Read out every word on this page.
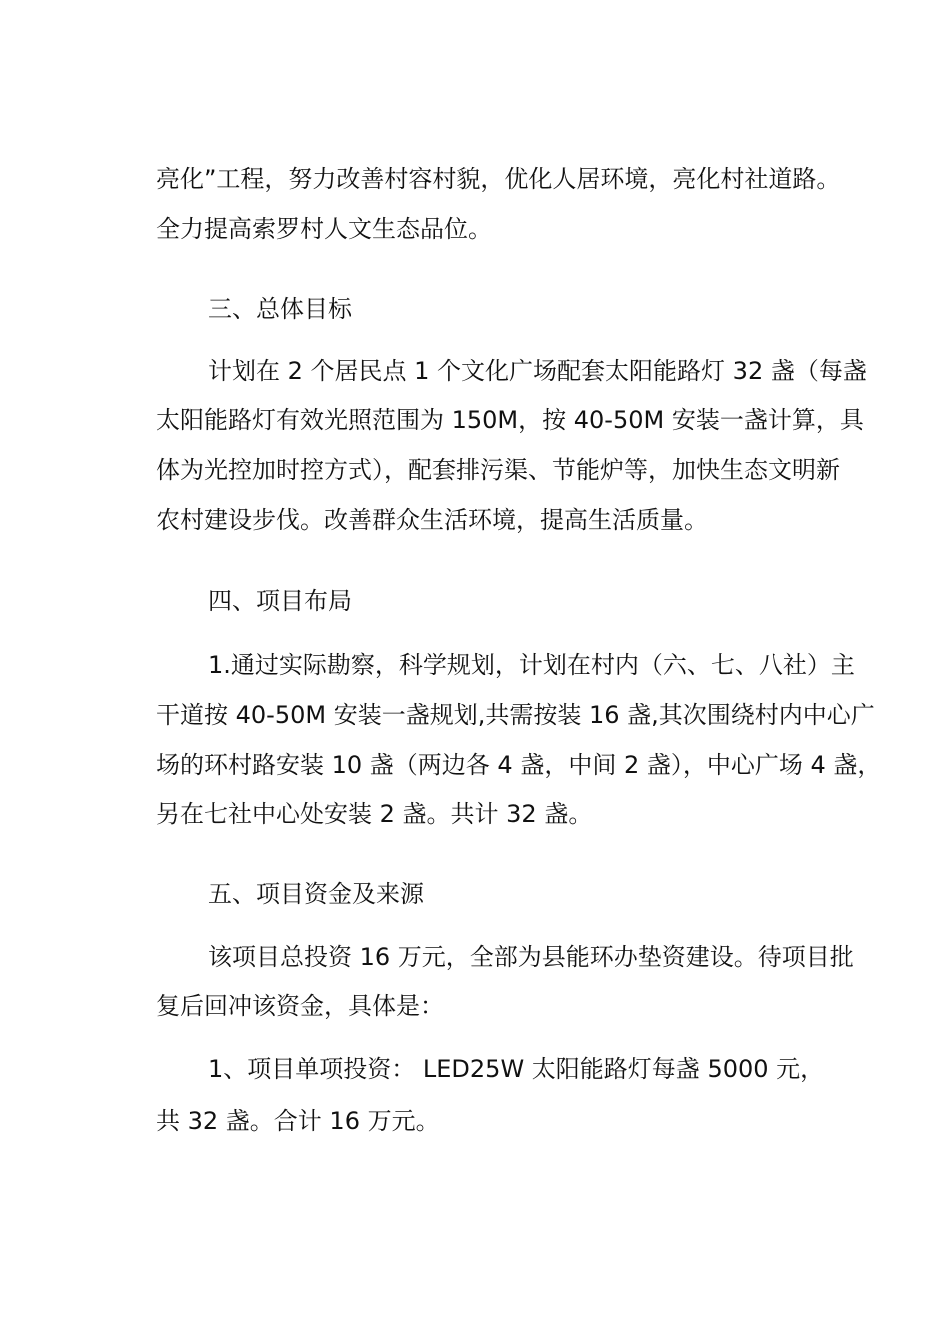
亮化”工程，努力改善村容村貌，优化人居环境，亮化村社道路。
全力提高索罗村人文生态品位。
三、总体目标
计划在 2 个居民点 1 个文化广场配套太阳能路灯 32 盏（每盏
太阳能路灯有效光照范围为 150M，按 40-50M 安装一盏计算，具
体为光控加时控方式），配套排污渠、节能炉等，加快生态文明新
农村建设步伐。改善群众生活环境，提高生活质量。
四、项目布局
1.通过实际勘察，科学规划，计划在村内（六、七、八社）主
干道按 40-50M 安装一盏规划,共需按装 16 盏,其次围绕村内中心广
场的环村路安装 10 盏（两边各 4 盏，中间 2 盏），中心广场 4 盏，
另在七社中心处安装 2 盏。共计 32 盏。
五、项目资金及来源
该项目总投资 16 万元，全部为县能环办垫资建设。待项目批
复后回冲该资金，具体是：
1、项目单项投资： LED25W 太阳能路灯每盏 5000 元，
共 32 盏。合计 16 万元。
